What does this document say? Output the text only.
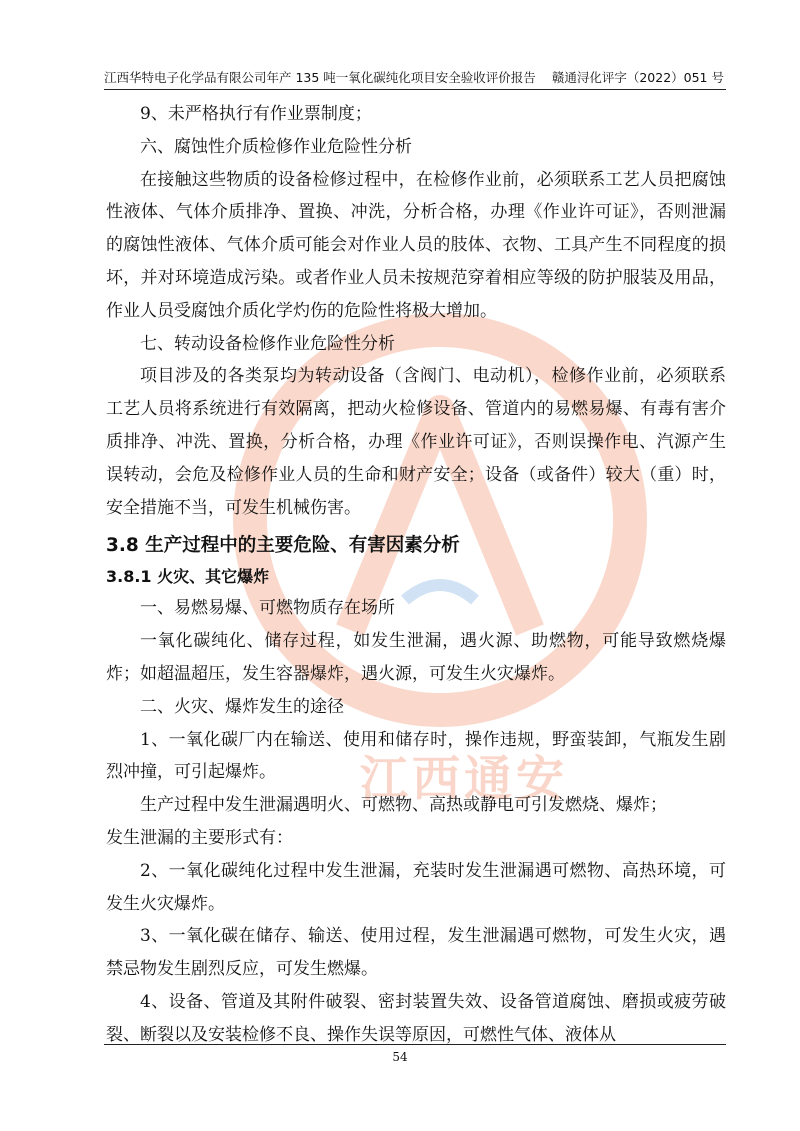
江西华特电子化学品有限公司年产 135 吨一氧化碳纯化项目安全验收评价报告 赣通浔化评字（2022）051 号
江西通安

9、未严格执行有作业票制度；

六、腐蚀性介质检修作业危险性分析

在接触这些物质的设备检修过程中，在检修作业前，必须联系工艺人员把腐蚀性液体、气体介质排净、置换、冲洗，分析合格，办理《作业许可证》，否则泄漏的腐蚀性液体、气体介质可能会对作业人员的肢体、衣物、工具产生不同程度的损坏，并对环境造成污染。或者作业人员未按规范穿着相应等级的防护服装及用品，作业人员受腐蚀介质化学灼伤的危险性将极大增加。

七、转动设备检修作业危险性分析

项目涉及的各类泵均为转动设备（含阀门、电动机），检修作业前，必须联系工艺人员将系统进行有效隔离，把动火检修设备、管道内的易燃易爆、有毒有害介质排净、冲洗、置换，分析合格，办理《作业许可证》，否则误操作电、汽源产生误转动，会危及检修作业人员的生命和财产安全；设备（或备件）较大（重）时，安全措施不当，可发生机械伤害。

3.8 生产过程中的主要危险、有害因素分析
3.8.1 火灾、其它爆炸

一、易燃易爆、可燃物质存在场所

一氧化碳纯化、储存过程，如发生泄漏，遇火源、助燃物，可能导致燃烧爆炸；如超温超压，发生容器爆炸，遇火源，可发生火灾爆炸。

二、火灾、爆炸发生的途径

1、一氧化碳厂内在输送、使用和储存时，操作违规，野蛮装卸，气瓶发生剧烈冲撞，可引起爆炸。

生产过程中发生泄漏遇明火、可燃物、高热或静电可引发燃烧、爆炸；

发生泄漏的主要形式有：

2、一氧化碳纯化过程中发生泄漏，充装时发生泄漏遇可燃物、高热环境，可发生火灾爆炸。

3、一氧化碳在储存、输送、使用过程，发生泄漏遇可燃物，可发生火灾，遇禁忌物发生剧烈反应，可发生燃爆。

4、设备、管道及其附件破裂、密封装置失效、设备管道腐蚀、磨损或疲劳破裂、断裂以及安装检修不良、操作失误等原因，可燃性气体、液体从

54
